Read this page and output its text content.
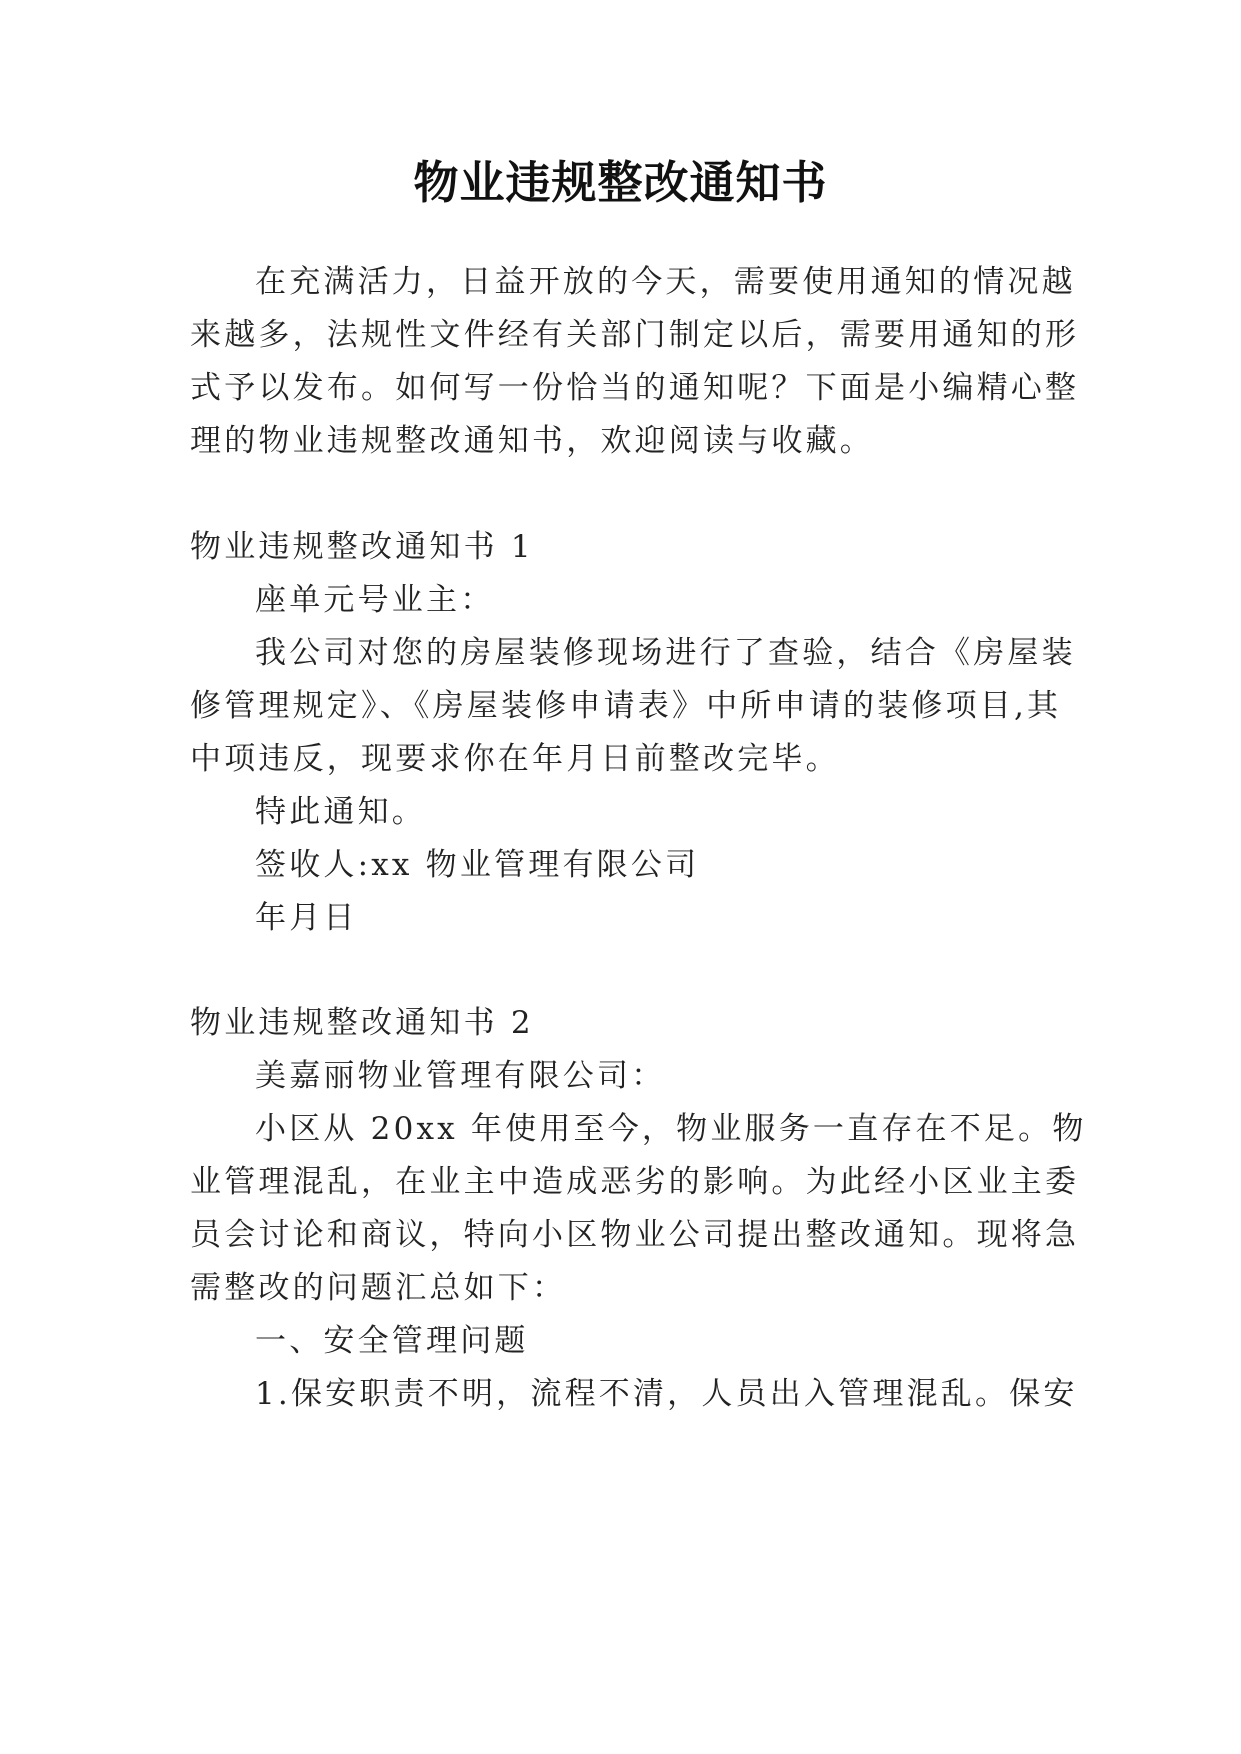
物业违规整改通知书
在充满活力，日益开放的今天，需要使用通知的情况越
来越多，法规性文件经有关部门制定以后，需要用通知的形
式予以发布。如何写一份恰当的通知呢？下面是小编精心整
理的物业违规整改通知书，欢迎阅读与收藏。
物业违规整改通知书 1
座单元号业主：
我公司对您的房屋装修现场进行了查验，结合《房屋装
修管理规定》、《房屋装修申请表》中所申请的装修项目,其
中项违反，现要求你在年月日前整改完毕。
特此通知。
签收人:xx 物业管理有限公司
年月日
物业违规整改通知书 2
美嘉丽物业管理有限公司：
小区从 20xx 年使用至今，物业服务一直存在不足。物
业管理混乱，在业主中造成恶劣的影响。为此经小区业主委
员会讨论和商议，特向小区物业公司提出整改通知。现将急
需整改的问题汇总如下：
一、安全管理问题
1.保安职责不明，流程不清，人员出入管理混乱。保安
